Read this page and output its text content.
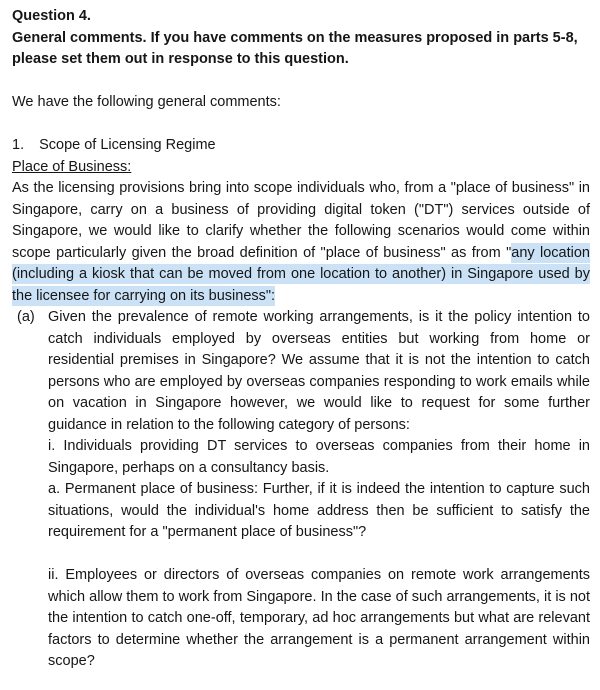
Question 4.

General comments. If you have comments on the measures proposed in parts 5-8, please set them out in response to this question.

We have the following general comments:

1. Scope of Licensing Regime

Place of Business:

As the licensing provisions bring into scope individuals who, from a "place of business" in Singapore, carry on a business of providing digital token ("DT") services outside of Singapore, we would like to clarify whether the following scenarios would come within scope particularly given the broad definition of "place of business" as from "any location (including a kiosk that can be moved from one location to another) in Singapore used by the licensee for carrying on its business":

(a) Given the prevalence of remote working arrangements, is it the policy intention to catch individuals employed by overseas entities but working from home or residential premises in Singapore? We assume that it is not the intention to catch persons who are employed by overseas companies responding to work emails while on vacation in Singapore however, we would like to request for some further guidance in relation to the following category of persons:

i. Individuals providing DT services to overseas companies from their home in Singapore, perhaps on a consultancy basis.

a. Permanent place of business: Further, if it is indeed the intention to capture such situations, would the individual's home address then be sufficient to satisfy the requirement for a "permanent place of business"?

ii. Employees or directors of overseas companies on remote work arrangements which allow them to work from Singapore. In the case of such arrangements, it is not the intention to catch one-off, temporary, ad hoc arrangements but what are relevant factors to determine whether the arrangement is a permanent arrangement within scope?
